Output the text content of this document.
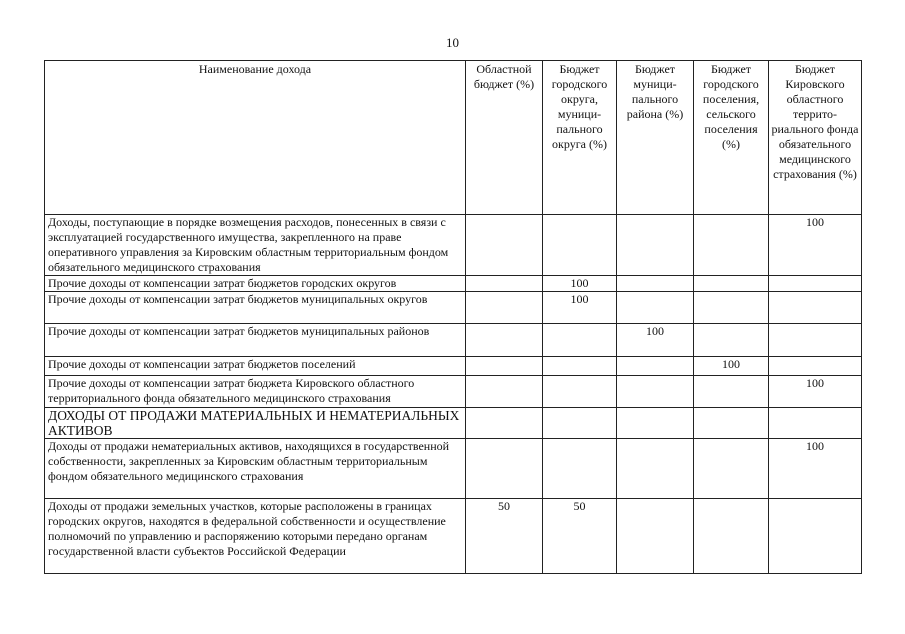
10
Наименование дохода	Областной бюджет (%)	Бюджет городского округа, муници-пального округа (%)	Бюджет муници-пального района (%)	Бюджет городского поселения, сельского поселения (%)	Бюджет Кировского областного террито-риального фонда обязательного медицинского страхования (%)
Доходы, поступающие в порядке возмещения расходов, понесенных в связи с эксплуатацией государственного имущества, закрепленного на праве оперативного управления за Кировским областным территориальным фондом обязательного медицинского страхования					100
Прочие доходы от компенсации затрат бюджетов городских округов		100			
Прочие доходы от компенсации затрат бюджетов муниципальных округов		100			
Прочие доходы от компенсации затрат бюджетов муниципальных районов			100		
Прочие доходы от компенсации затрат бюджетов поселений				100	
Прочие доходы от компенсации затрат бюджета Кировского областного территориального фонда обязательного медицинского страхования					100
ДОХОДЫ ОТ ПРОДАЖИ МАТЕРИАЛЬНЫХ И НЕМАТЕРИАЛЬНЫХ АКТИВОВ					
Доходы от продажи нематериальных активов, находящихся в государственной собственности, закрепленных за Кировским областным территориальным фондом обязательного медицинского страхования					100
Доходы от продажи земельных участков, которые расположены в границах городских округов, находятся в федеральной собственности и осуществление полномочий по управлению и распоряжению которыми передано органам государственной власти субъектов Российской Федерации	50	50			
